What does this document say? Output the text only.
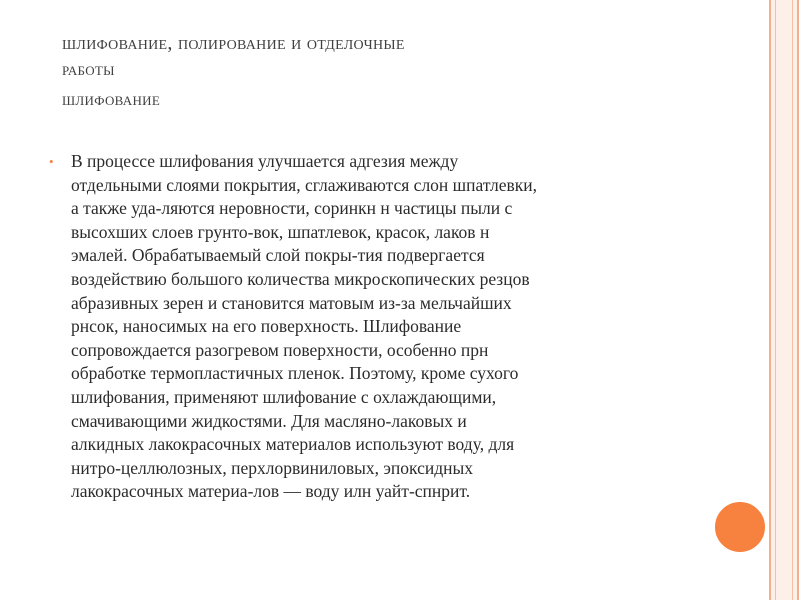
шлифование, полирование и отделочные
работы
шлифование
• В процессе шлифования улучшается адгезия между
отдельными слоями покрытия, сглаживаются слон шпатлевки,
а также уда-ляются неровности, соринкн н частицы пыли с
высохших слоев грунто-вок, шпатлевок, красок, лаков н
эмалей. Обрабатываемый слой покры-тия подвергается
воздействию большого количества микроскопических резцов
абразивных зерен и становится матовым из-за мельчайших
рнсок, наносимых на его поверхность. Шлифование
сопровождается разогревом поверхности, особенно прн
обработке термопластичных пленок. Поэтому, кроме сухого
шлифования, применяют шлифование с охлаждающими,
смачивающими жидкостями. Для масляно-лаковых и
алкидных лакокрасочных материалов используют воду, для
нитро-целлюлозных, перхлорвиниловых, эпоксидных
лакокрасочных материа-лов — воду илн уайт-спнрит.
